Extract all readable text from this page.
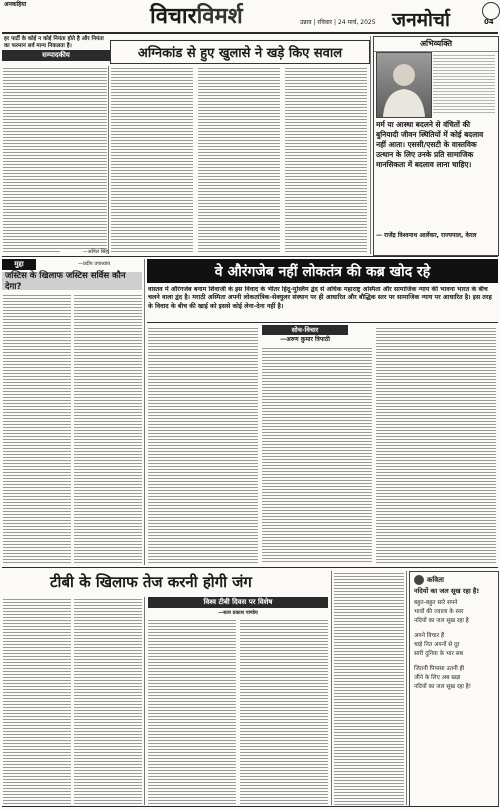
अनकहिया	विचार विमर्श	उन्नाव | रविवार | 24 मार्च, 2025 जनमोर्चा	04
हर पार्टी के कोई न कोई नियंता होते है और नियंता का फरमान सर्व मान्य निकलता है।
सम्पादकीय	अग्निकांड से हुए खुलासे ने खड़े किए सवाल
—अनिल सिंह
अभिव्यक्ति
मर्म या आस्था बदलने से वंचितों की बुनियादी जीवन स्थितियों में कोई बदलाव नहीं आता। एससी/एसटी के वास्तविक उत्थान के लिए उनके प्रति सामाजिक मानसिकता में बदलाव लाना चाहिए।
— राजेंद्र विश्वनाथ आर्लेकर, राज्यपाल, केरल
मुद्दा	—प्रदीप उपाध्याय
जस्टिस के खिलाफ जस्टिस सर्विस कौन देगा?
वे औरंगजेब नहीं लोकतंत्र की कब्र खोद रहे
वास्तव में औरंगजेब बनाम शिवाजी के इस विवाद के भीतर हिंदू-मुस्लिम द्वंद से अधिक महाराष्ट्र अस्मिता और सामाजिक न्याय की भावना भारत के बीच चलने वाला द्वंद है। मराठी अस्मिता अपनी लोकतांत्रिक-सेक्युलर संस्थान पर ही आधारित और बौद्धिक स्तर पर सामाजिक न्याय पर आधारित है। इस तरह के विवाद के बीच की खाई को इससे कोई लेना-देना नहीं है।
सोच-विचार
—अरुण कुमार त्रिपाठी
टीबी के खिलाफ तेज करनी होगी जंग
विश्व टीबी दिवस पर विशेष
—सत्य प्रकाश पाण्डेय
कविता
नदियों का जल सूख रहा है!
बहुत-बहुत सारे सपने
भावों की ज्वाला के स्वर
नदियों का जल सूख रहा है
अपने विचार हैं
चाहे नित अपनों से दूर
सारी दुनिया के भार सब
जितनी पिपासा उतनी ही
जीने के लिए अब खड़ा
नदियों का जल सूख रहा है!
